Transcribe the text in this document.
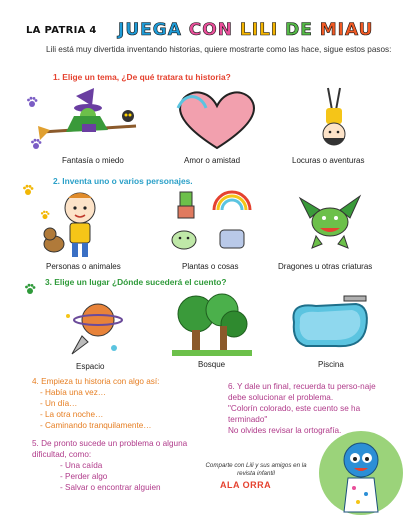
LA PATRIA 4 JUEGA CON LILI DE MIAU
Lili está muy divertida inventando historias, quiere mostrarte como las hace, sigue estos pasos:
1. Elige un tema, ¿De qué tratara tu historia?
Fantasía o miedo	Amor o amistad	Locuras o aventuras
2. Inventa uno o varios personajes.
Personas o animales	Plantas o cosas	Dragones u otras criaturas
3. Elige un lugar ¿Dónde sucederá el cuento?
Espacio	Bosque	Piscina
4. Empieza tu historia con algo así:
- Había una vez…
- Un día…
- La otra noche…
- Caminando tranquilamente…
5. De pronto sucede un problema o alguna dificultad, como:
- Una caída
- Perder algo
- Salvar o encontrar alguien
6. Y dale un final, recuerda tu perso-naje debe solucionar el problema.
"Colorín colorado, este cuento se ha terminado"
No olvides revisar la ortografía.
Comparte con Lili y sus amigos en la revista infantil
ALA ORRA
